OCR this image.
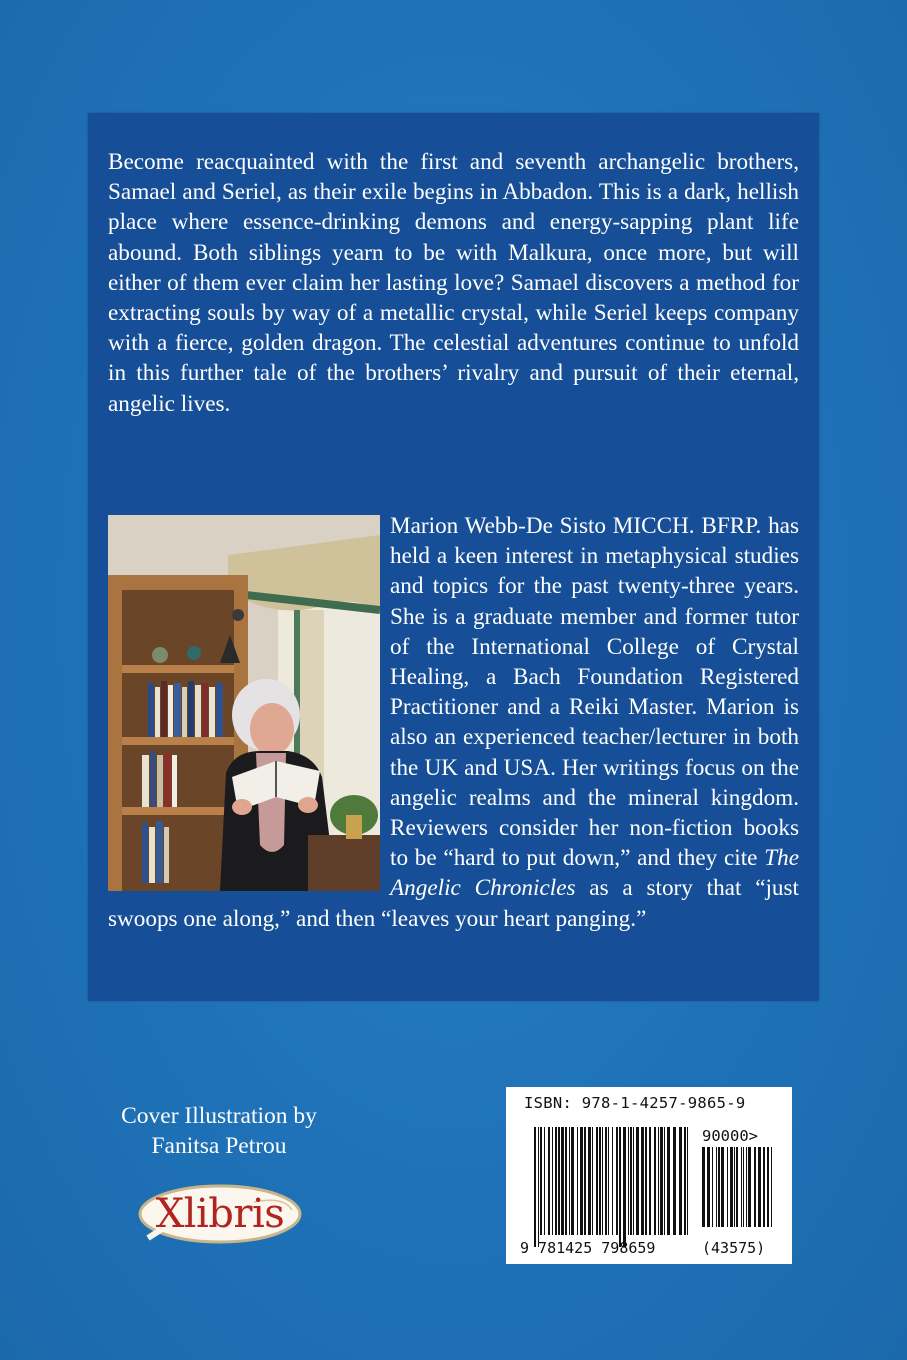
Become reacquainted with the first and seventh archangelic brothers, Samael and Seriel, as their exile begins in Abbadon. This is a dark, hellish place where essence-drinking demons and energy-sapping plant life abound. Both siblings yearn to be with Malkura, once more, but will either of them ever claim her lasting love? Samael discovers a method for extracting souls by way of a metallic crystal, while Seriel keeps company with a fierce, golden dragon. The celestial adventures continue to unfold in this further tale of the brothers’ rivalry and pursuit of their eternal, angelic lives.

Marion Webb-De Sisto MICCH. BFRP. has held a keen interest in metaphysical studies and topics for the past twenty-three years. She is a graduate member and former tutor of the International College of Crystal Healing, a Bach Foundation Registered Practitioner and a Reiki Master. Marion is also an experienced teacher/lecturer in both the UK and USA. Her writings focus on the angelic realms and the mineral kingdom. Reviewers consider her non-fiction books to be “hard to put down,” and they cite The Angelic Chronicles as a story that “just swoops one along,” and then “leaves your heart panging.”

Cover Illustration by
Fanitsa Petrou
Xlibris
ISBN: 978-1-4257-9865-9
90000>
9 781425 798659	(43575)
